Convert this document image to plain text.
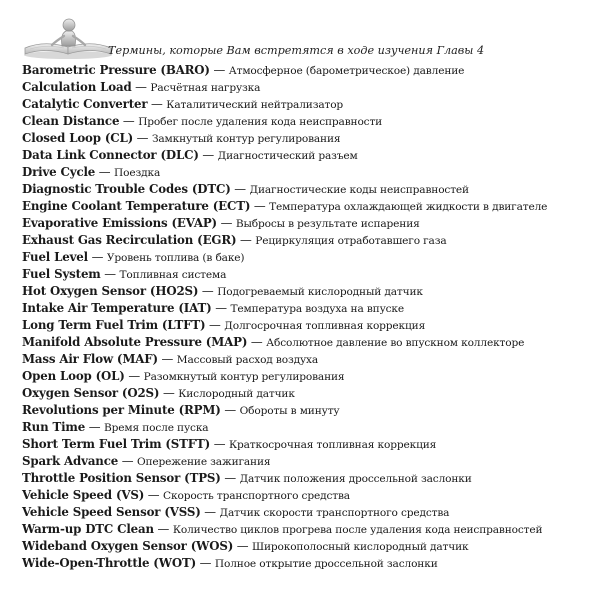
Термины, которые Вам встретятся в ходе изучения Главы 4
Barometric Pressure (BARO) — Атмосферное (барометрическое) давление
Calculation Load — Расчётная нагрузка
Catalytic Converter — Каталитический нейтрализатор
Clean Distance — Пробег после удаления кода неисправности
Closed Loop (CL) — Замкнутый контур регулирования
Data Link Connector (DLC) — Диагностический разъем
Drive Cycle — Поездка
Diagnostic Trouble Codes (DTC) — Диагностические коды неисправностей
Engine Coolant Temperature (ECT) — Температура охлаждающей жидкости в двигателе
Evaporative Emissions (EVAP) — Выбросы в результате испарения
Exhaust Gas Recirculation (EGR) — Рециркуляция отработавшего газа
Fuel Level — Уровень топлива (в баке)
Fuel System — Топливная система
Hot Oxygen Sensor (HO2S) — Подогреваемый кислородный датчик
Intake Air Temperature (IAT) — Температура воздуха на впуске
Long Term Fuel Trim (LTFT) — Долгосрочная топливная коррекция
Manifold Absolute Pressure (MAP) — Абсолютное давление во впускном коллекторе
Mass Air Flow (MAF) — Массовый расход воздуха
Open Loop (OL) — Разомкнутый контур регулирования
Oxygen Sensor (O2S) — Кислородный датчик
Revolutions per Minute (RPM) — Обороты в минуту
Run Time — Время после пуска
Short Term Fuel Trim (STFT) — Краткосрочная топливная коррекция
Spark Advance — Опережение зажигания
Throttle Position Sensor (TPS) — Датчик положения дроссельной заслонки
Vehicle Speed (VS) — Скорость транспортного средства
Vehicle Speed Sensor (VSS) — Датчик скорости транспортного средства
Warm-up DTC Clean — Количество циклов прогрева после удаления кода неисправностей
Wideband Oxygen Sensor (WOS) — Широкополосный кислородный датчик
Wide-Open-Throttle (WOT) — Полное открытие дроссельной заслонки
